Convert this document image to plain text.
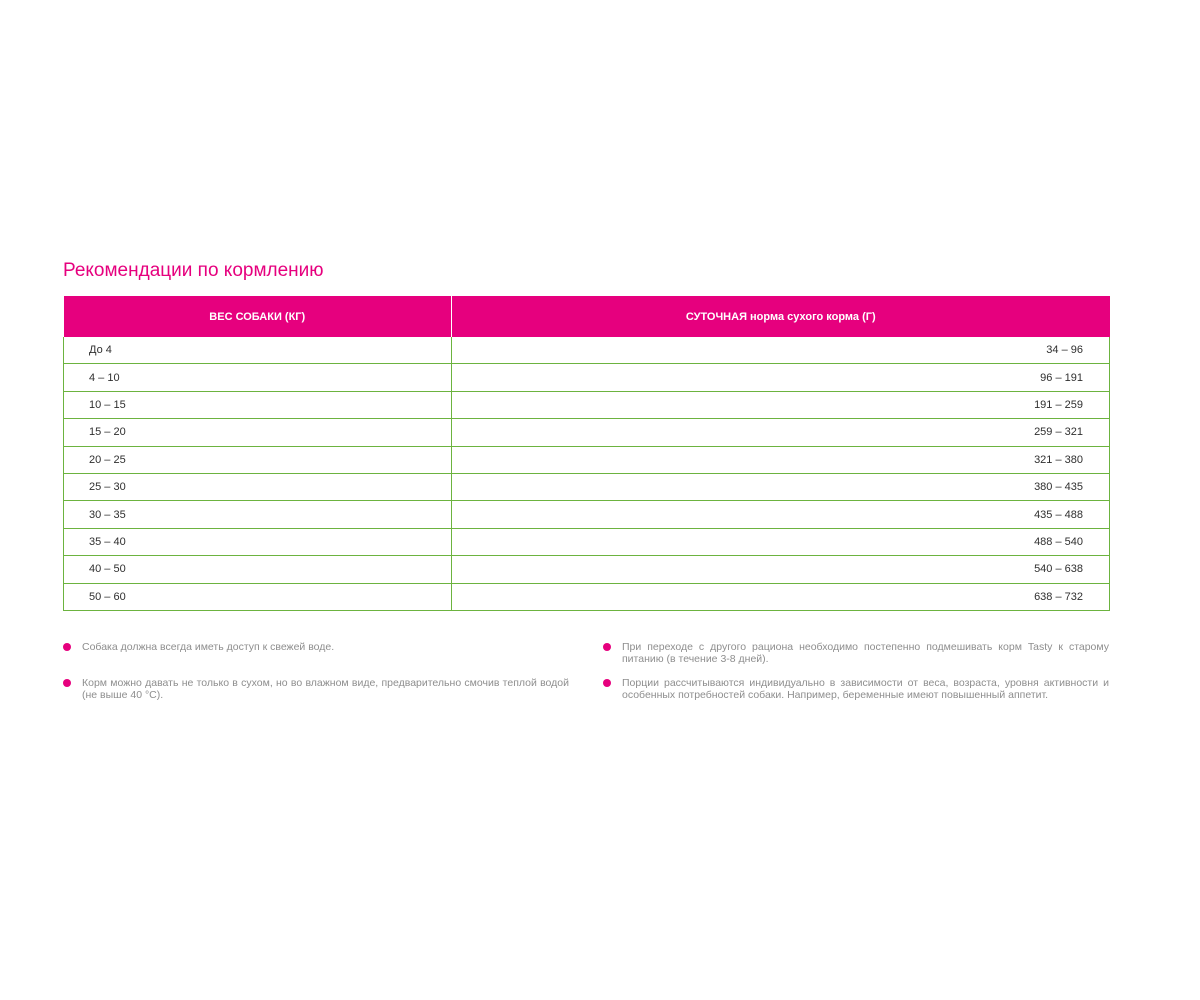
Рекомендации по кормлению
ВЕС СОБАКИ (КГ)	СУТОЧНАЯ норма сухого корма (Г)
До 4	34 – 96
4 – 10	96 – 191
10 – 15	191 – 259
15 – 20	259 – 321
20 – 25	321 – 380
25 – 30	380 – 435
30 – 35	435 – 488
35 – 40	488 – 540
40 – 50	540 – 638
50 – 60	638 – 732
Собака должна всегда иметь доступ к свежей воде.
Корм можно давать не только в сухом, но во влажном виде, предварительно смочив теплой водой (не выше 40 °С).
При переходе с другого рациона необходимо постепенно подмешивать корм Tasty к старому питанию (в течение 3-8 дней).
Порции рассчитываются индивидуально в зависимости от веса, возраста, уровня активности и особенных потребностей собаки. Например, беременные имеют повышенный аппетит.
